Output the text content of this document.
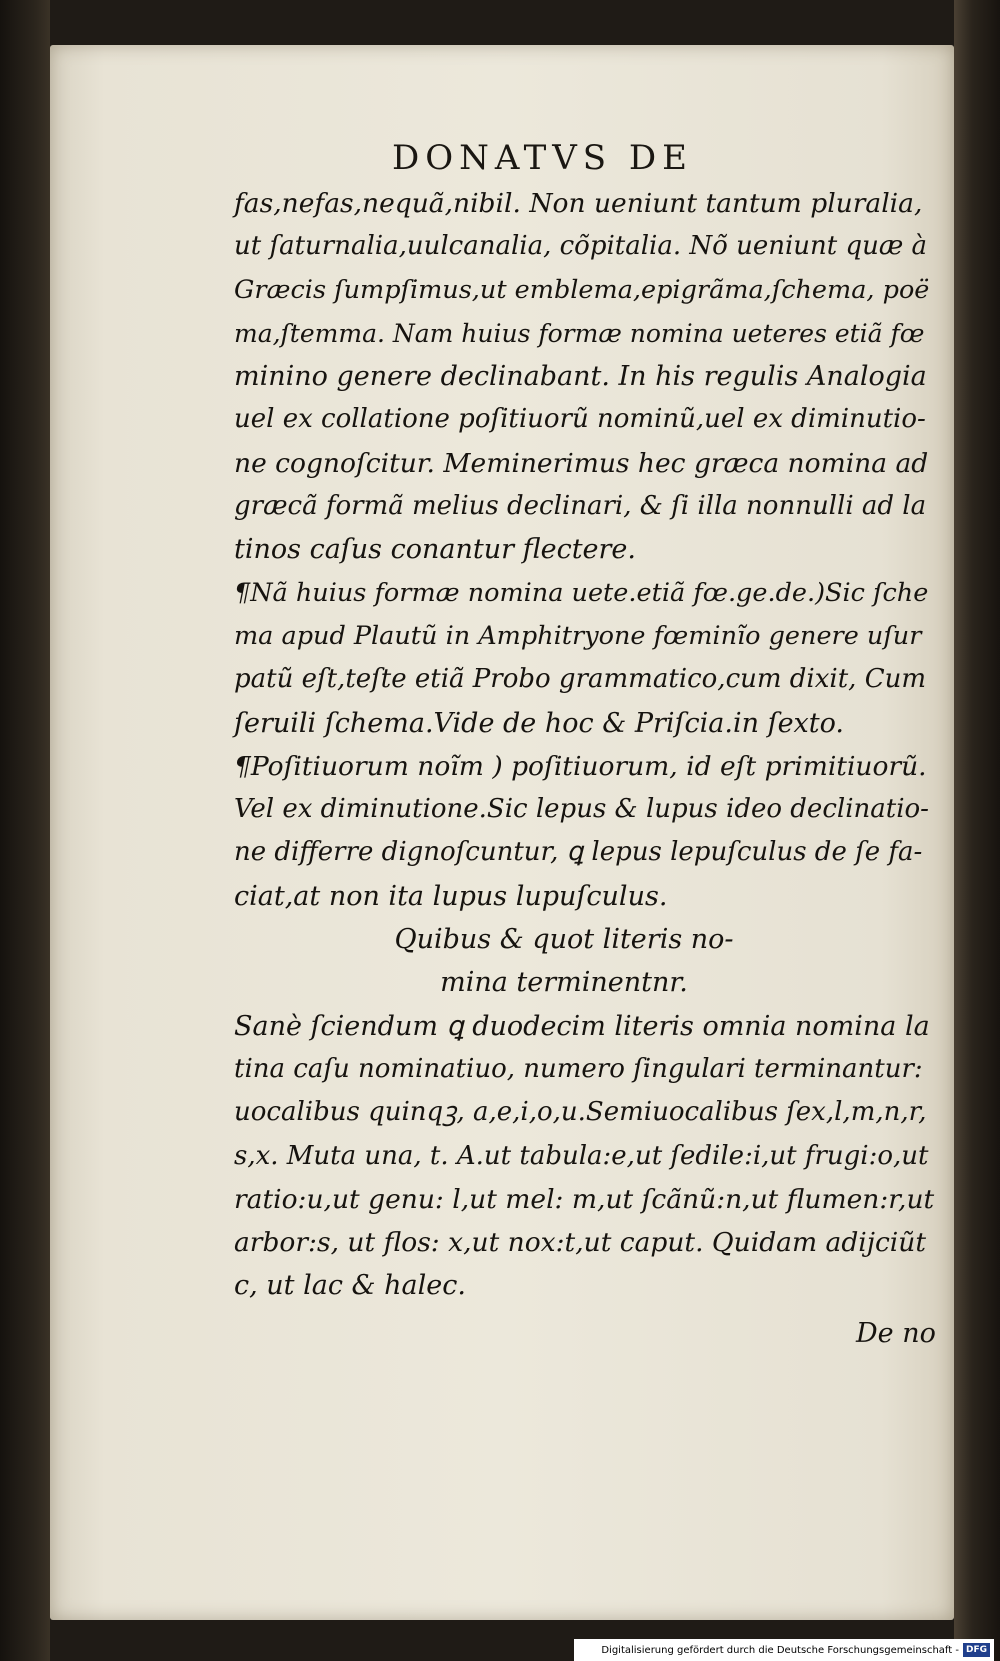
DONATVS DE
fas,nefas,nequã,nibil. Non ueniunt tantum pluralia,
ut ſaturnalia,uulcanalia, cõpitalia. Nõ ueniunt quæ à
Græcis ſumpſimus,ut emblema,epigrãma,ſchema, poë
ma,ſtemma. Nam huius formæ nomina ueteres etiã fœ
minino genere declinabant. In his regulis Analogia
uel ex collatione poſitiuorũ nominũ,uel ex diminutio-
ne cognoſcitur. Meminerimus hec græca nomina ad
græcã formã melius declinari, & ſi illa nonnulli ad la
tinos caſus conantur flectere.
¶Nã huius formæ nomina uete.etiã fœ.ge.de.)Sic ſche
ma apud Plautũ in Amphitryone fœminĩo genere uſur
patũ eſt,teſte etiã Probo grammatico,cum dixit, Cum
ſeruili ſchema.Vide de hoc & Priſcia.in ſexto.
¶Poſitiuorum noĩm ) poſitiuorum, id eſt primitiuorũ.
Vel ex diminutione.Sic lepus & lupus ideo declinatio-
ne differre dignoſcuntur, ꝗ lepus lepuſculus de ſe fa-
ciat,at non ita lupus lupuſculus.
Quibus & quot literis no-
mina terminentnr.
Sanè ſciendum ꝗ duodecim literis omnia nomina la
tina caſu nominatiuo, numero ſingulari terminantur:
uocalibus quinqꝫ, a,e,i,o,u.Semiuocalibus ſex,l,m,n,r,
s,x. Muta una, t. A.ut tabula:e,ut ſedile:i,ut frugi:o,ut
ratio:u,ut genu: l,ut mel: m,ut ſcãnũ:n,ut flumen:r,ut
arbor:s, ut flos: x,ut nox:t,ut caput. Quidam adijciũt
c, ut lac & halec.
De no
Digitalisierung gefördert durch die Deutsche Forschungsgemeinschaft - DFG
